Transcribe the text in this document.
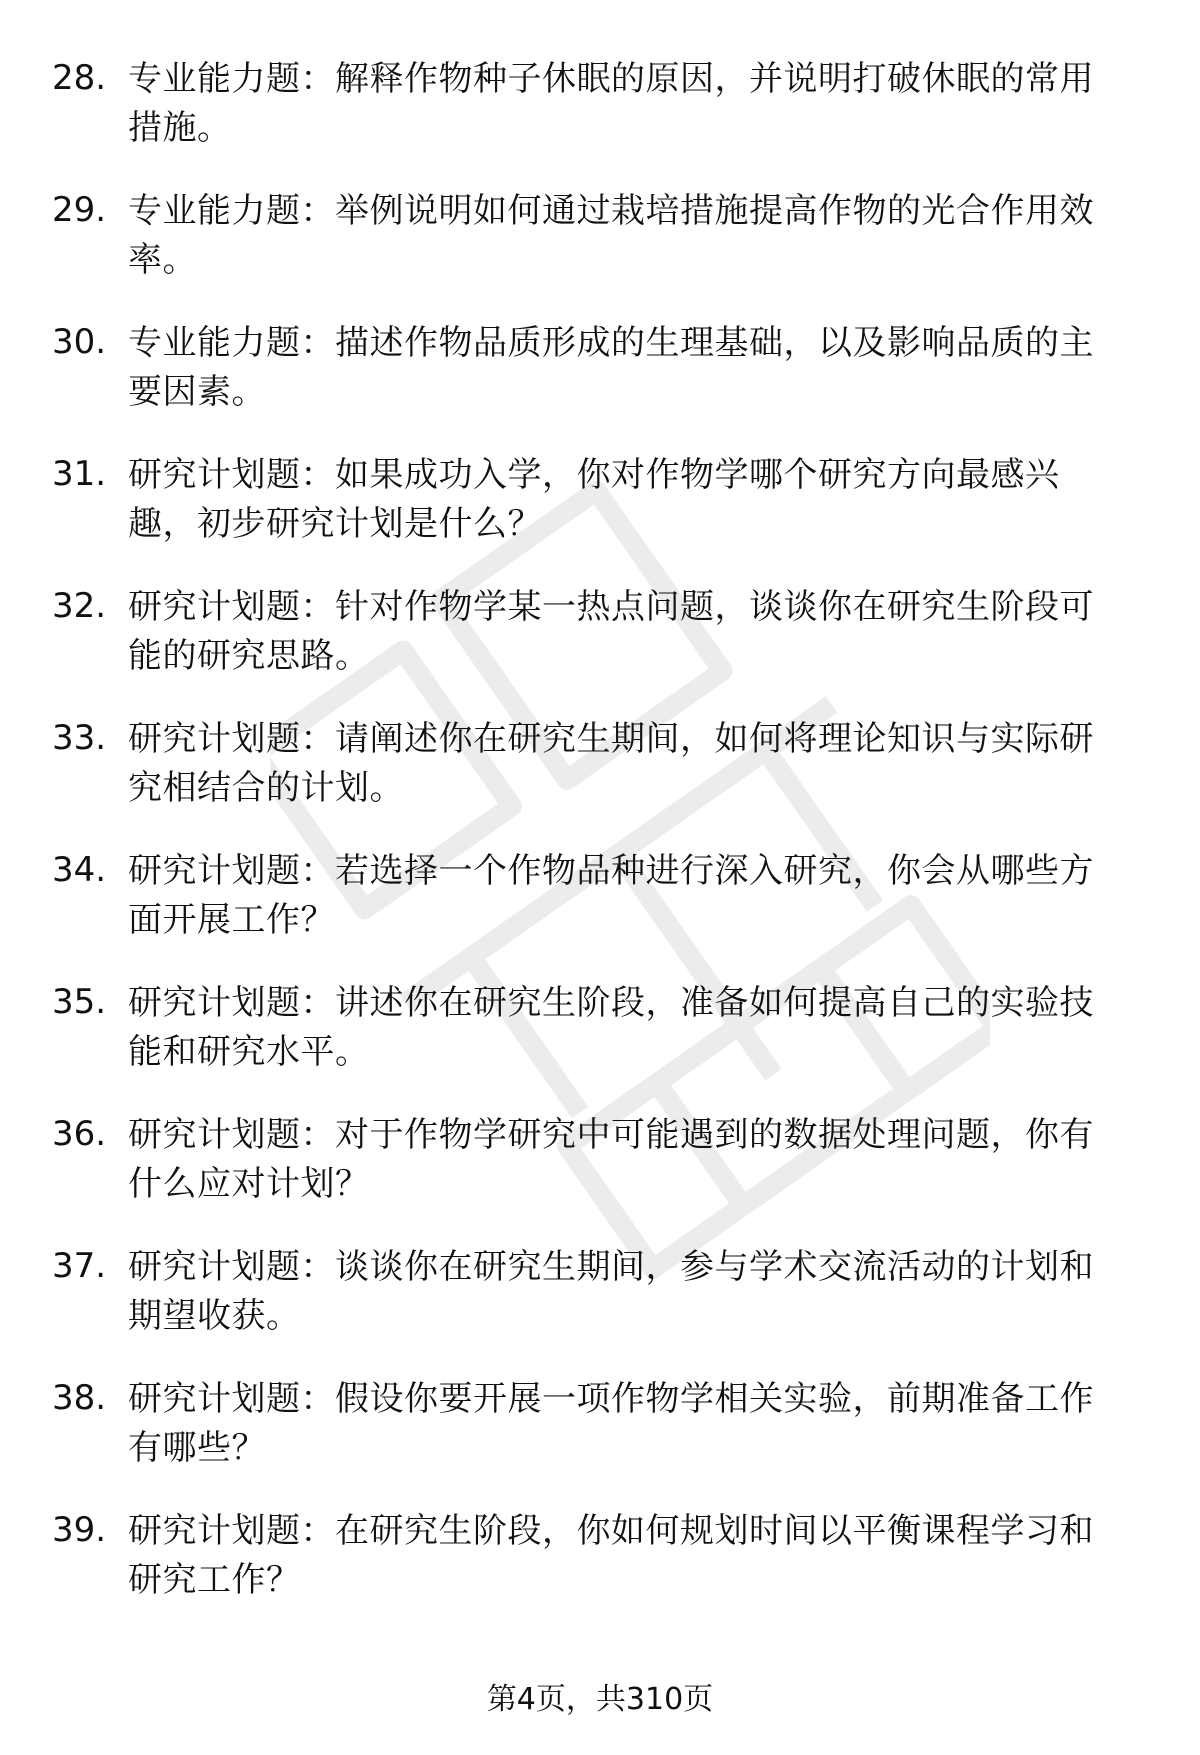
28. 专业能力题：解释作物种子休眠的原因，并说明打破休眠的常用
措施。
29. 专业能力题：举例说明如何通过栽培措施提高作物的光合作用效
率。
30. 专业能力题：描述作物品质形成的生理基础，以及影响品质的主
要因素。
31. 研究计划题：如果成功入学，你对作物学哪个研究方向最感兴
趣，初步研究计划是什么？
32. 研究计划题：针对作物学某一热点问题，谈谈你在研究生阶段可
能的研究思路。
33. 研究计划题：请阐述你在研究生期间，如何将理论知识与实际研
究相结合的计划。
34. 研究计划题：若选择一个作物品种进行深入研究，你会从哪些方
面开展工作？
35. 研究计划题：讲述你在研究生阶段，准备如何提高自己的实验技
能和研究水平。
36. 研究计划题：对于作物学研究中可能遇到的数据处理问题，你有
什么应对计划？
37. 研究计划题：谈谈你在研究生期间，参与学术交流活动的计划和
期望收获。
38. 研究计划题：假设你要开展一项作物学相关实验，前期准备工作
有哪些？
39. 研究计划题：在研究生阶段，你如何规划时间以平衡课程学习和
研究工作？
第4页，共310页
